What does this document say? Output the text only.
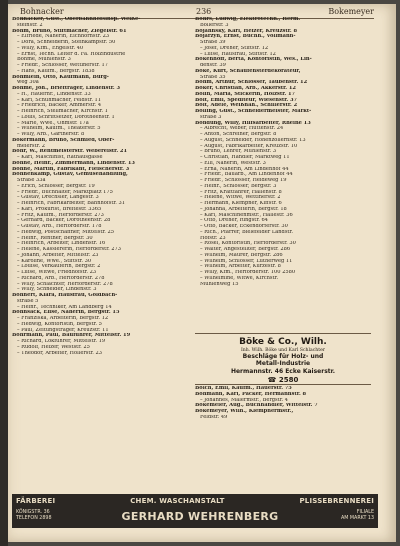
Bohnacker	236	Bokemeyer
Böhnacker, Gust., Oberbahnhofsinsp. Weiße-
steinstr. 2
Böhm, Bruno, Stiftmacher, Ziegelstr. 61
– Elfriede, Näherin, Eichhornstr. 23
– Dora, Schneiderin, Steinkampstr. 50
– Willy, Kfm., Engelstr. 40
– Ernst, Techn. Leiter d. Fa. Holzindustrie
Böhme, Mühlenstr. 3
– Friedr., Schlosser, Wettinerstr. 17
– Hans, Kaufm., Bergstr. 1838
Böhmlein, Otto, Kaufmann, Burg-
weg 30a
Böhme, Joh., Briefträger, Lindenstr. 3
– H., Hauerhr., Lindenstr. 33
– Karl, Schuhmacher, Feldstr. 11
– Friedrich, Bäcker, Ammerstr. 4
– Heinrich, Stellmacher, Kirchstr. 1
– Louis, Schriftsetzer, Dorotheenstr. 1
– Marie, Wwe., Ohmstr. 17a
– Wilhelm, Kaufm., Theaterstr. 5
– Willy, Arb., Gärtnerstr. 8
Bokermann, Bruno, Schmied, Ober-
meierstr. 2
Bohr, W., Rentmeisterstr. Webereistr. 21
– Karl, Maschinist, Rathausgasse
Bohne, Heinr., Zimmermann, Lindenstr. 13
Böhne, Martin, Fabrikant, Fleischerstr. 3
Bohnenkamp, Gustav, Gemüsehandlung,
Straße 33a
– Erich, Schlosser, Bergstr. 19
– Friedr., Buchhalter, Marktplatz 175
– Gustav, Drechsler, Langestr. 3
– Heinrich, Fabrikarbeiter, Bahnhofstr. 31
– Karl, Prokurist, Breitestr. 3365
– Fritz, Kaufm., Herforderstr. 273
– Gerhard, Bäcker, Dorotheenstr. 28
– Gustav, Arb., Herforderstr. 178
– Hedwig, Postschaffner, Mittelstr. 25
– Heinr., Rentner, Bergstr. 30
– Heinrich, Arbeiter, Lindenstr. 16
– Helene, Kassiererin, Herforderstr. 273
– Johann, Arbeiter, Mittelstr. 23
– Karoline, Wwe., Stiftstr. 30
– Louise, Verkäuferin, Bergstr. 2
– Luise, Witwe, Friedhofstr. 23
– Richard, Arb., Herforderstr. 278
– Willy, Schlachter, Herforderstr. 278
– Willy, Schneider, Lindenstr. 3
Bohnert, Klara, Hausfrau, Goldbach-
straße 5
– Heinr., Techniker, Am Landberg 14
Bohnsack, Elise, Näherin, Bergstr. 15
– Franziska, Arbeiterin, Bergstr. 12
– Hedwig, Kontoristin, Bergstr. 5
– Paul, Zeitungsträger, Kreuzstr. 11
Böhrmann, Paul, Bauführer, Mittelstr. 19
– Richard, Lokführer, Mittelstr. 19
– Rudolf, Heizer, Weststr. 25
– Theodor, Arbeiter, Hollerstr. 23
Bohrs, Ludwig, Elektrotechn., Herm.
Bollerstr. 3
Bojahnsky, Karl, Heizer, Kreuzstr. 8
Bojarzyn, Ernst, Buchh., Vollmann-
Straße 39
– Josef, Dreher, Stiftstr. 12
– Luise, Hausfrau, Stiftstr. 12
Bökenhoff, Berta, Kontoristin, Wes., Lin-
denstr. 39
Böke, Kurt, Schaufensterdekorateur,
Straße 35
Böhm, Arthur, Schlosser, Taubenstr. 12
Böker, Christian, Arb., Akkerstr. 12
Bolin, Maria, Stickerin, Holzstr. 17
Bolt, Emil, Spediteur, Wiesenstr. 37
Bölt, Adele, Weißnäh., Schillerstr. 2
Bölling, Gust., Schneidermeister, Markt-
straße 3
Böndung, Willy, Hilfsarbeiter, Rheine 13
– Albrecht, Weber, Hüttenstr. 24
– Anton, Schreiner, Bergstr. 8
– August, Schneider, Hohenzollernstr. 13
– August, Fabrikarbeiter, Kreuzstr. 10
– Bruno, Lehrer, Mühlenstr. 3
– Christian, Händler, Marktweg 11
– Elli, Näherin, Weststr. 3
– Erna, Näherin, Am Lindenhof 44
– Friedr., Bauarb., Am Lindenhof 44
– Friedr., Schlosser, Heideweg 19
– Heinr., Schlosser, Bergstr. 3
– Fritz, Kraftfahrer, Hallenstr. 8
– Helene, Witwe, Wettinerstr. 2
– Hermann, Klempner, Kiffstr. 6
– Johanna, Arbeiterin, Bergstr. 18
– Karl, Maschinenmstr., Hallestr. 36
– Otto, Dreher, Ringstr. 64
– Otto, Bäcker, Eckendorferstr. 30
– Rich., Pfarrer, Bielefelder Landstr.
Hofstr. 23
– Rosel, Kontoristin, Herforderstr. 30
– Walter, Angestellter, Bergstr. 286
– Wilhelm, Maurer, Bergstr. 286
– Wilhelm, Schlosser, Lutherweg 11
– Wilhelm, Arbeiter, Kurzestr. 8
– Willy, Kfm., Herforderstr. 100 2580
– Wilhelmine, Witwe, Kirchstr.
Mühlenweg 15
Böke & Co., Wilh.
Inh. Wilh. Böke und Karl Schlachter
Beschläge für Holz- und
Metall-Industrie
Hermannstr. 46 Ecke Kaiserstr.
☎ 2580
Bolch, Emil, Kaufm., Hauerstr. 75
Böhmann, Karl, Packer, Hermannstr. 8
– Johannes, Malermstr., Bergstr. 4
Bökemeier, Aug., Buchhändler, Wittelstr. 7
Bokemeyer, Wilh., Klempnermstr.,
Feldstr. 49
FÄRBEREI	CHEM. WASCHANSTALT	PLISSEBRENNEREI
KÖNIGSTR. 36
TELEFON 2898	GERHARD WEHRENBERG	FILIALE
AM MARKT 13
